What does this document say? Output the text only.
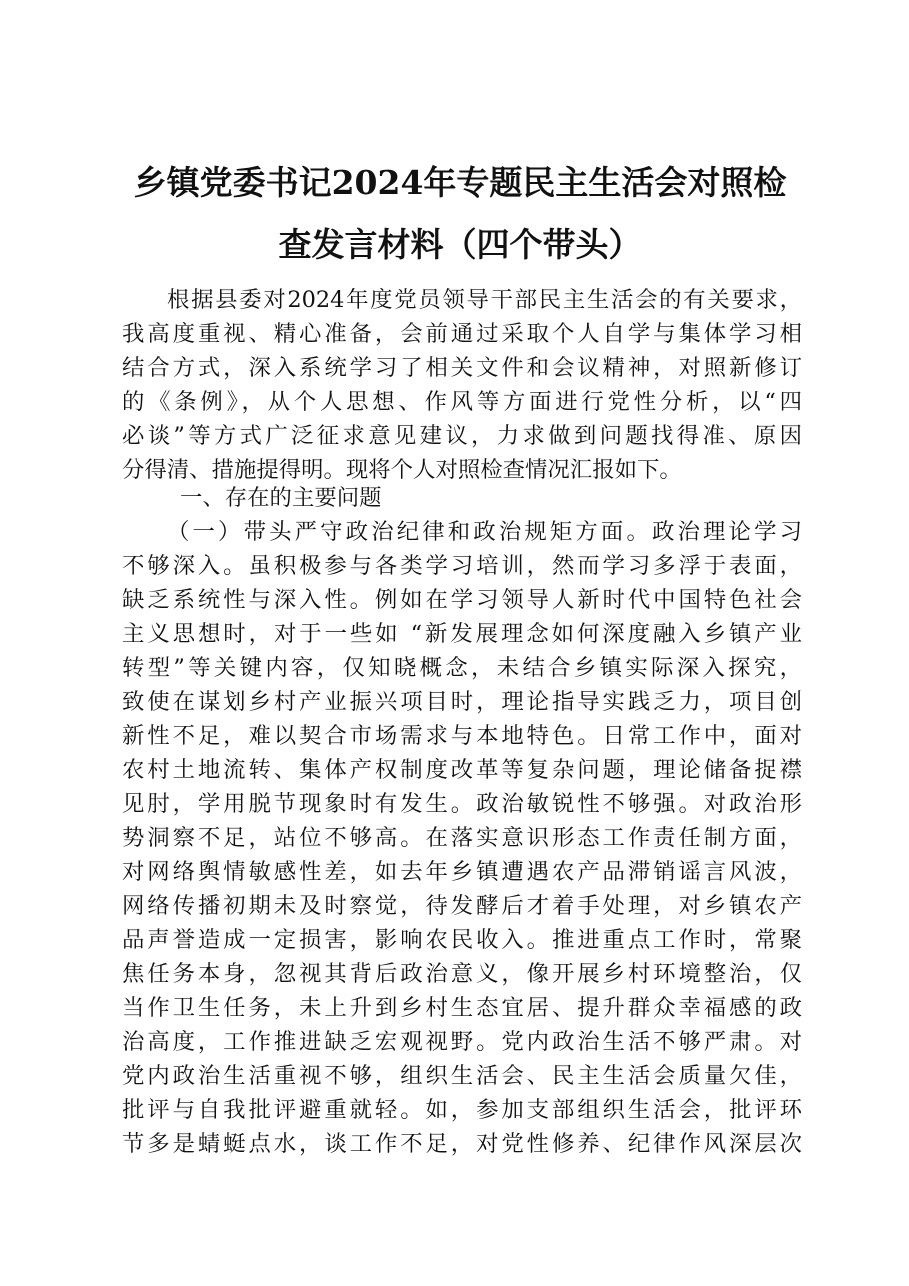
乡镇党委书记2024年专题民主生活会对照检
查发言材料（四个带头）
根据县委对2024年度党员领导干部民主生活会的有关要求，
我高度重视、精心准备，会前通过采取个人自学与集体学习相
结合方式，深入系统学习了相关文件和会议精神，对照新修订
的《条例》，从个人思想、作风等方面进行党性分析，以“四
必谈”等方式广泛征求意见建议，力求做到问题找得准、原因
分得清、措施提得明。现将个人对照检查情况汇报如下。
一、存在的主要问题
（一）带头严守政治纪律和政治规矩方面。政治理论学习
不够深入。虽积极参与各类学习培训，然而学习多浮于表面，
缺乏系统性与深入性。例如在学习领导人新时代中国特色社会
主义思想时，对于一些如 “新发展理念如何深度融入乡镇产业
转型”等关键内容，仅知晓概念，未结合乡镇实际深入探究，
致使在谋划乡村产业振兴项目时，理论指导实践乏力，项目创
新性不足，难以契合市场需求与本地特色。日常工作中，面对
农村土地流转、集体产权制度改革等复杂问题，理论储备捉襟
见肘，学用脱节现象时有发生。政治敏锐性不够强。对政治形
势洞察不足，站位不够高。在落实意识形态工作责任制方面，
对网络舆情敏感性差，如去年乡镇遭遇农产品滞销谣言风波，
网络传播初期未及时察觉，待发酵后才着手处理，对乡镇农产
品声誉造成一定损害，影响农民收入。推进重点工作时，常聚
焦任务本身，忽视其背后政治意义，像开展乡村环境整治，仅
当作卫生任务，未上升到乡村生态宜居、提升群众幸福感的政
治高度，工作推进缺乏宏观视野。党内政治生活不够严肃。对
党内政治生活重视不够，组织生活会、民主生活会质量欠佳，
批评与自我批评避重就轻。如，参加支部组织生活会，批评环
节多是蜻蜓点水，谈工作不足，对党性修养、纪律作风深层次
